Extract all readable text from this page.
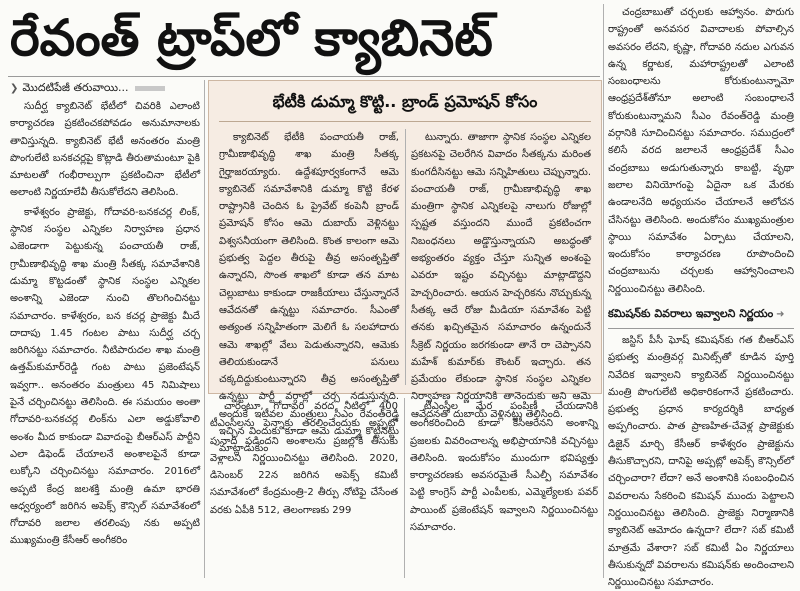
రేవంత్ ట్రాప్‌లో క్యాబినెట్
❯ మొదటిపేజీ తరువాయి...

సుదీర్ఘ క్యాబినెట్ భేటీలో చివరికి ఎలాంటి కార్యాచరణ ప్రకటించకపోవడం అనుమానాలకు తావిస్తున్నది. క్యాబినెట్ భేటీ అనంతరం మంత్రి పొంగులేటి బనకచర్లపై కొట్లాడి తీరుతామంటూ పైకి మాటలతో గంభీరాల్పుగా ప్రకటించినా భేటీలో అలాంటి నిర్ణయాలేవీ తీసుకోలేదని తెలిసింది.

కాళేశ్వరం ప్రాజెక్టు, గోదావరి-బనకచర్ల లింక్, స్థానిక సంస్థల ఎన్నికల నిర్వాహణ ప్రధాన ఎజెండాగా పెట్టుకున్న పంచాయతీ రాజ్, గ్రామీణాభివృద్ధి శాఖ మంత్రి సీతక్క సమావేశానికి డుమ్మా కొట్టడంతో స్థానిక సంస్థల ఎన్నికల అంశాన్ని ఎజెండా నుంచి తొలగించినట్టు సమాచారం. కాళేశ్వరం, బన కచర్ల ప్రాజెక్టు మీదే దాదాపు 1.45 గంటల పాటు సుదీర్ఘ చర్చ జరిగినట్టు సమాచారం. నీటిపారుదల శాఖ మంత్రి ఉత్తమ్‌కుమార్‌రెడ్డి గంట పాటు ప్రజెంటేషన్ ఇవ్వగా.. అనంతరం మంత్రులు 45 నిమిషాలు పైనే చర్చించినట్టు తెలిసింది. ఈ సమయం అంతా గోదావరి-బనకచర్ల లింక్‌ను ఎలా అడ్డుకోవాలి అంశం మీద కాకుండా వివాదంపై బీఆర్ఎస్ పార్టీని ఎలా డిఫెండ్ చేయాలనే అంశాలపైనే కూడా లుక్కోని చర్చించినట్టు సమాచారం. 2016లో అప్పటి కేంద్ర జలశక్తి మంత్రి ఉమా భారతి ఆధ్వర్యంలో జరిగిన అపెక్స్ కౌన్సిల్ సమావేశంలో గోదావరి జలాల తరలింపు నకు అప్పటి ముఖ్యమంత్రి కేసీఆర్ అంగీకరిం

భేటీకి డుమ్మా కొట్టి.. బ్రాండ్ ప్రమోషన్ కోసం

క్యాబినెట్ భేటీకి పంచాయతీ రాజ్, గ్రామీణాభివృద్ధి శాఖ మంత్రి సీతక్క గైర్హాజరయ్యారు. ఉద్దేశపూర్వకంగానే ఆమె క్యాబినెట్ సమావేశానికి డుమ్మా కొట్టి కేరళ రాష్ట్రానికి చెందిన ఓ ప్రైవేట్ కంపెనీ బ్రాండ్ ప్రమోషన్ కోసం ఆమె దుబాయ్ వెళ్లినట్టు విశ్వసనీయంగా తెలిసింది. కొంత కాలంగా ఆమె ప్రభుత్వ పెద్దల తీరుపై తీవ్ర అసంతృప్తితో ఉన్నారని, సొంత శాఖలో కూడా తన మాట చెల్లుబాటు కాకుండా రాజకీయాలు చేస్తున్నారనే ఆవేదనతో ఉన్నట్టు సమాచారం. సీఎంతో అత్యంత సన్నిహితంగా మెలిగే ఓ సలహాదారు ఆమె శాఖల్లో వేలు పెడుతున్నారని, ఆమెకు తెలియకుండానే పనులు చక్కదిద్దుకుంటున్నారని తీవ్ర అసంతృప్తితో ఉన్నట్టు పార్టీ వర్గాల్లో చర్చ నడుస్తున్నది. అందుకే ఇటీవల మంత్రులు సీఎం రేవంత్‌రెడ్డి ఇచ్చిన విందుకు కూడా ఆమె డుమ్మా కొట్టినట్టు మాట్లాడుకుం

టున్నారు. తాజాగా స్థానిక సంస్థల ఎన్నికల ప్రకటనపై చెలరేగిన వివాదం సీతక్కను మరింత కుంగదీసినట్టు ఆమె సన్నిహితులు చెప్పున్నారు. పంచాయతీ రాజ్, గ్రామీణాభివృద్ధి శాఖ మంత్రిగా స్థానిక ఎన్నికలపై నాలుగు రోజుల్లో స్పష్టత వస్తుందని ముందే ప్రకటించగా నిబంధనలు అడ్డొస్తున్నాయని అబద్ధంతో అభ్యంతరం వ్యక్తం చేస్తూ సున్నిత అంశంపై ఎవరూ ఇష్టం వచ్చినట్టు మాట్లాడొద్దని హెచ్చరించారు. ఆయన హెచ్చరికను నొచ్చుకున్న సీతక్క ఆదే రోజు మీడియా సమావేశం పెట్టి తనకు ఖచ్చితమైన సమాచారం ఉన్నందునే సీక్రెట్ నిర్ణయం జరగకుండా తానే రా చెప్పానని మహేశ్ కుమార్‌కు కౌంటర్ ఇచ్చారు. తన ప్రమేయం లేకుండా స్థానిక సంస్థల ఎన్నికల నిర్వాహణ నిర్ణయానికి తానెందుకు అని ఆమె ఆవేదనతో దుబాయ్ వెళ్లినట్టు తెలిసింది.

చారంటూ, గోదావరి వరద నీటిలో 400 టీఎంసీలను పెన్నాకు తరలించేందుకు అప్పట్లో పునాది పడిందని అంశాలను ప్రజల్లోకి తీసుకు వెళ్లాలని నిర్ణయించినట్టు తెలిసింది. 2020, డిసెంబర్ 22న జరిగిన అపెక్స్ కమిటీ సమావేశంలో కేంద్రమంత్రి-2 తీర్పు నోటిఫై చేసేంత వరకు ఏపీకి 512, తెలంగాణకు 299

టీఎంసీల మేర పంపిణీ చేయడానికి అంగీకరించింది కూడా కేసీఆరేనని అంశాన్ని ప్రజలకు వివరించాలన్న అభిప్రాయానికి వచ్చినట్టు తెలిసింది. ఇందుకోసం ముందుగా భవిష్యత్తు కార్యాచరణకు అవసరమైతే సీఎల్పీ సమావేశం పెట్టి కాంగ్రెస్ పార్టీ ఎంపీలకు, ఎమ్మెల్యేలకు పవర్ పాయింట్ ప్రజెంటేషన్ ఇవ్వాలని నిర్ణయించినట్టు సమాచారం.

చంద్రబాబుతో చర్చలకు ఆహ్వానం. పొరుగు రాష్ట్రంతో అనవసర వివాదాలకు పోవాల్సిన అవసరం లేదని, కృష్ణా, గోదావరి నదుల ఎగువన ఉన్న కర్ణాటక, మహారాష్ట్రలతో ఎలాంటి సంబంధాలను కోరుకుంటున్నామో ఆంధ్రప్రదేశ్‌తోనూ అలాంటి సంబంధాలనే కోరుకుంటున్నామని సీఎం రేవంత్‌రెడ్డి మంత్రి వర్గానికి సూచించినట్టు సమాచారం. సముద్రంలో కలిసే వరద జలాలనే ఆంధ్రప్రదేశ్ సీఎం చంద్రబాబు అడుగుతున్నారు కాబట్టి, వృథా జలాల వినియోగంపై ఏదైనా ఒక మేరకు ఉండాలనేది అధ్యయనం చేయాలనే ఆలోచన చేసినట్టు తెలిసింది. అందుకోసం ముఖ్యమంత్రుల స్థాయి సమావేశం ఏర్పాటు చేయాలని, ఇందుకోసం కార్యాచరణ రూపొందించి చంద్రబాబును చర్చలకు ఆహ్వానించాలని నిర్ణయించినట్టు తెలిసింది.

కమిషన్‌కు వివరాలు ఇవ్వాలని నిర్ణయం ➜

జస్టిస్ పీసీ ఘోష్ కమిషన్‌కు గత బీఆర్ఎస్ ప్రభుత్వ మంత్రివర్గ మినిట్స్‌తో కూడిన పూర్తి నివేదిక ఇవ్వాలని క్యాబినెట్ నిర్ణయించినట్టు మంత్రి పొంగులేటి అధికారికంగానే ప్రకటించారు. ప్రభుత్వ ప్రధాన కార్యదర్శికి బాధ్యత అప్పగించారు. పాత ప్రాణహిత-చేవెళ్ల ప్రాజెక్టుకు డిజైన్ మార్చి కేసీఆర్ కాళేశ్వరం ప్రాజెక్టును తీసుకొచ్చారని, దానిపై అప్పట్లో అపెక్స్ కౌన్సిల్‌లో చర్చించారా? లేదా? అనే అంశానికి సంబంధించిన వివరాలను సేకరించి కమిషన్‌ ముందు పెట్టాలని నిర్ణయించినట్టు తెలిసింది. ప్రాజెక్టు నిర్మాణానికి క్యాబినెట్ ఆమోదం ఉన్నదా? లేదా? సబ్ కమిటీ మాత్రమే వేశారా? సబ్ కమిటీ ఏం నిర్ణయాలు తీసుకున్నదో వివరాలను కమిషన్‌కు అందించాలని నిర్ణయించినట్టు సమాచారం.
